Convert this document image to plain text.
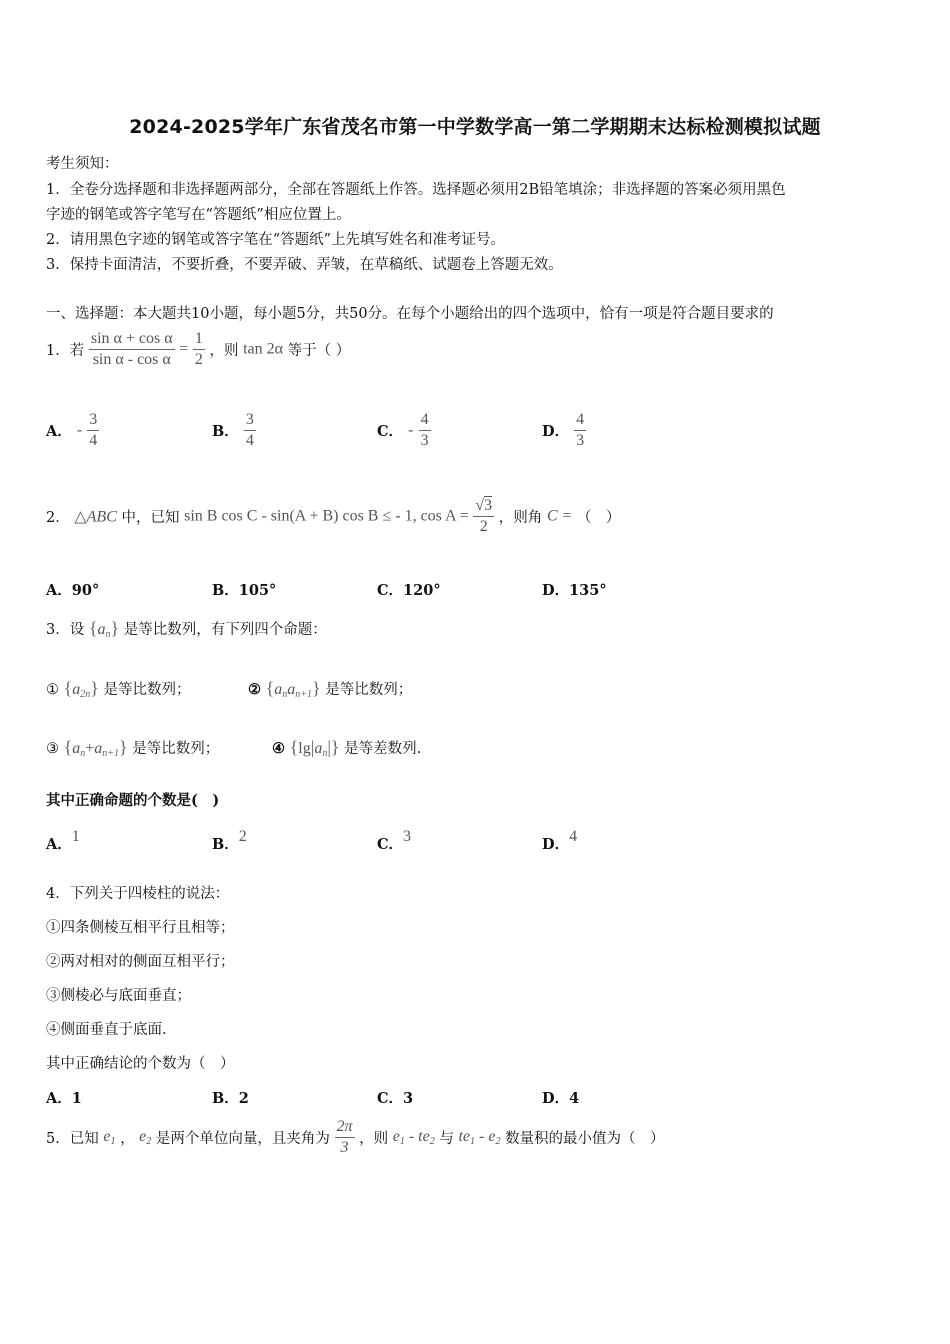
2024-2025学年广东省茂名市第一中学数学高一第二学期期末达标检测模拟试题
考生须知：
1．全卷分选择题和非选择题两部分，全部在答题纸上作答。选择题必须用2B铅笔填涂；非选择题的答案必须用黑色
字迹的钢笔或答字笔写在“答题纸”相应位置上。
2．请用黑色字迹的钢笔或答字笔在“答题纸”上先填写姓名和准考证号。
3．保持卡面清洁，不要折叠，不要弄破、弄皱，在草稿纸、试题卷上答题无效。
一、选择题：本大题共10小题，每小题5分，共50分。在每个小题给出的四个选项中，恰有一项是符合题目要求的
1．若 $\frac{\text{sin α + cos α}}{\text{sin α - cos α}} = \frac{1}{2}$ ，则 tan 2α 等于（ ）
A． - $\frac{3}{4}$	B． $\frac{3}{4}$	C． - $\frac{4}{3}$	D． $\frac{4}{3}$
2． △ABC 中，已知 sin B cos C - sin(A + B) cos B ≤ - 1, $\cos A = \frac{√3}{2}$ ，则角 C = （　）
A．90°	B．105°	C．120°	D．135°
3．设 $\{a_n\}$ 是等比数列，有下列四个命题：
① $\{a_{2n}\}$ 是等比数列；	② $\{a_na_{n+1}\}$ 是等比数列；
③ $\{a_n+a_{n+1}\}$ 是等比数列；	④ $\{\lg|a_n|\}$ 是等差数列.
其中正确命题的个数是(　)
A．1	B．2	C．3	D．4
4．下列关于四棱柱的说法：
①四条侧棱互相平行且相等；
②两对相对的侧面互相平行；
③侧棱必与底面垂直；
④侧面垂直于底面.
其中正确结论的个数为（　）
A．1	B．2	C．3	D．4
5．已知 $e_1$ ， $e_2$ 是两个单位向量，且夹角为 $\frac{2\pi}{3}$ ，则 $e_1 - te_2$ 与 $te_1 - e_2$ 数量积的最小值为（　）
